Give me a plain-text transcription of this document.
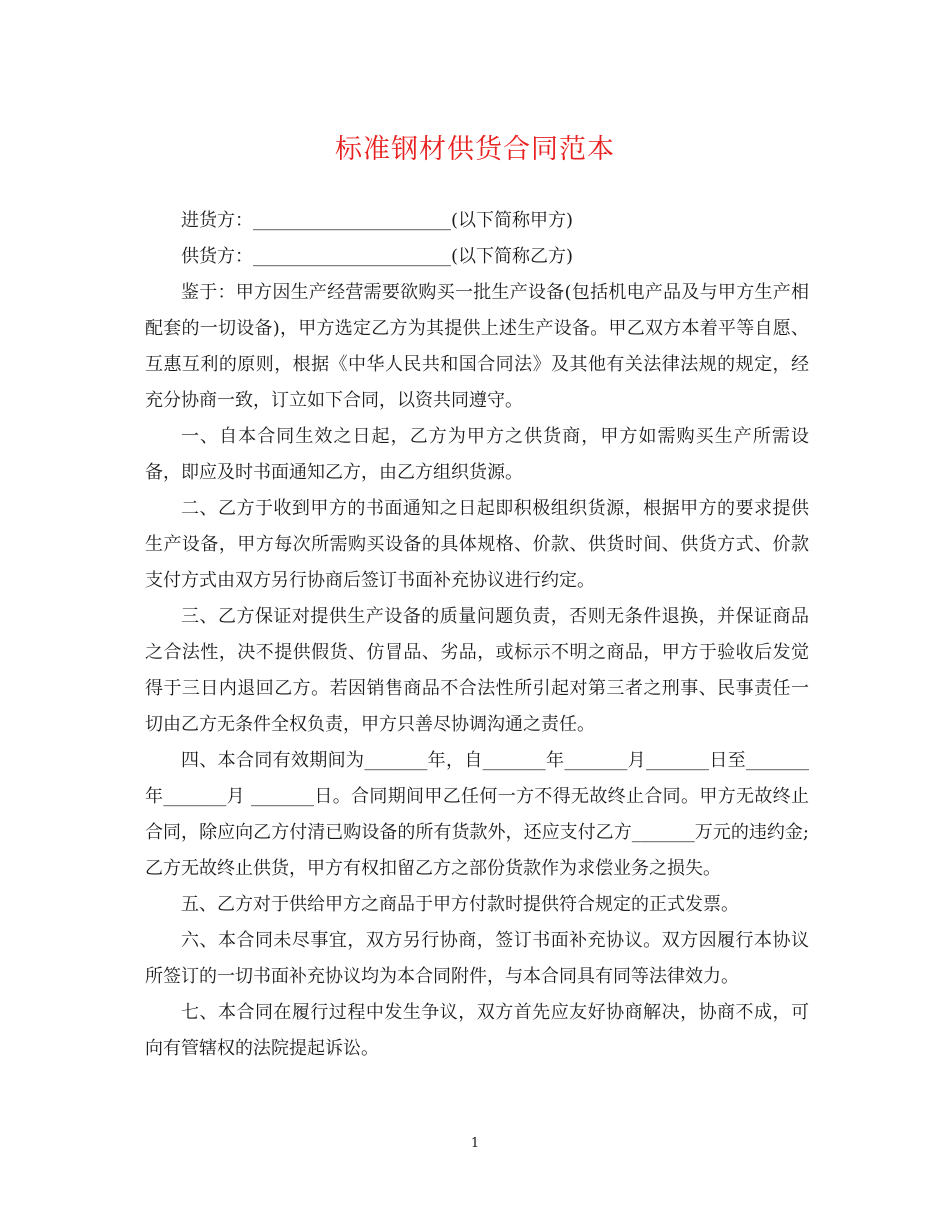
标准钢材供货合同范本

进货方：______________________(以下简称甲方)

供货方：______________________(以下简称乙方)

鉴于：甲方因生产经营需要欲购买一批生产设备(包括机电产品及与甲方生产相配套的一切设备)，甲方选定乙方为其提供上述生产设备。甲乙双方本着平等自愿、互惠互利的原则，根据《中华人民共和国合同法》及其他有关法律法规的规定，经充分协商一致，订立如下合同，以资共同遵守。

一、自本合同生效之日起，乙方为甲方之供货商，甲方如需购买生产所需设备，即应及时书面通知乙方，由乙方组织货源。

二、乙方于收到甲方的书面通知之日起即积极组织货源，根据甲方的要求提供生产设备，甲方每次所需购买设备的具体规格、价款、供货时间、供货方式、价款支付方式由双方另行协商后签订书面补充协议进行约定。

三、乙方保证对提供生产设备的质量问题负责，否则无条件退换，并保证商品之合法性，决不提供假货、仿冒品、劣品，或标示不明之商品，甲方于验收后发觉得于三日内退回乙方。若因销售商品不合法性所引起对第三者之刑事、民事责任一切由乙方无条件全权负责，甲方只善尽协调沟通之责任。

四、本合同有效期间为_______年，自_______年_______月_______日至_______年_______月 _______日。合同期间甲乙任何一方不得无故终止合同。甲方无故终止合同，除应向乙方付清已购设备的所有货款外，还应支付乙方_______万元的违约金;乙方无故终止供货，甲方有权扣留乙方之部份货款作为求偿业务之损失。

五、乙方对于供给甲方之商品于甲方付款时提供符合规定的正式发票。

六、本合同未尽事宜，双方另行协商，签订书面补充协议。双方因履行本协议所签订的一切书面补充协议均为本合同附件，与本合同具有同等法律效力。

七、本合同在履行过程中发生争议，双方首先应友好协商解决，协商不成，可向有管辖权的法院提起诉讼。

1
